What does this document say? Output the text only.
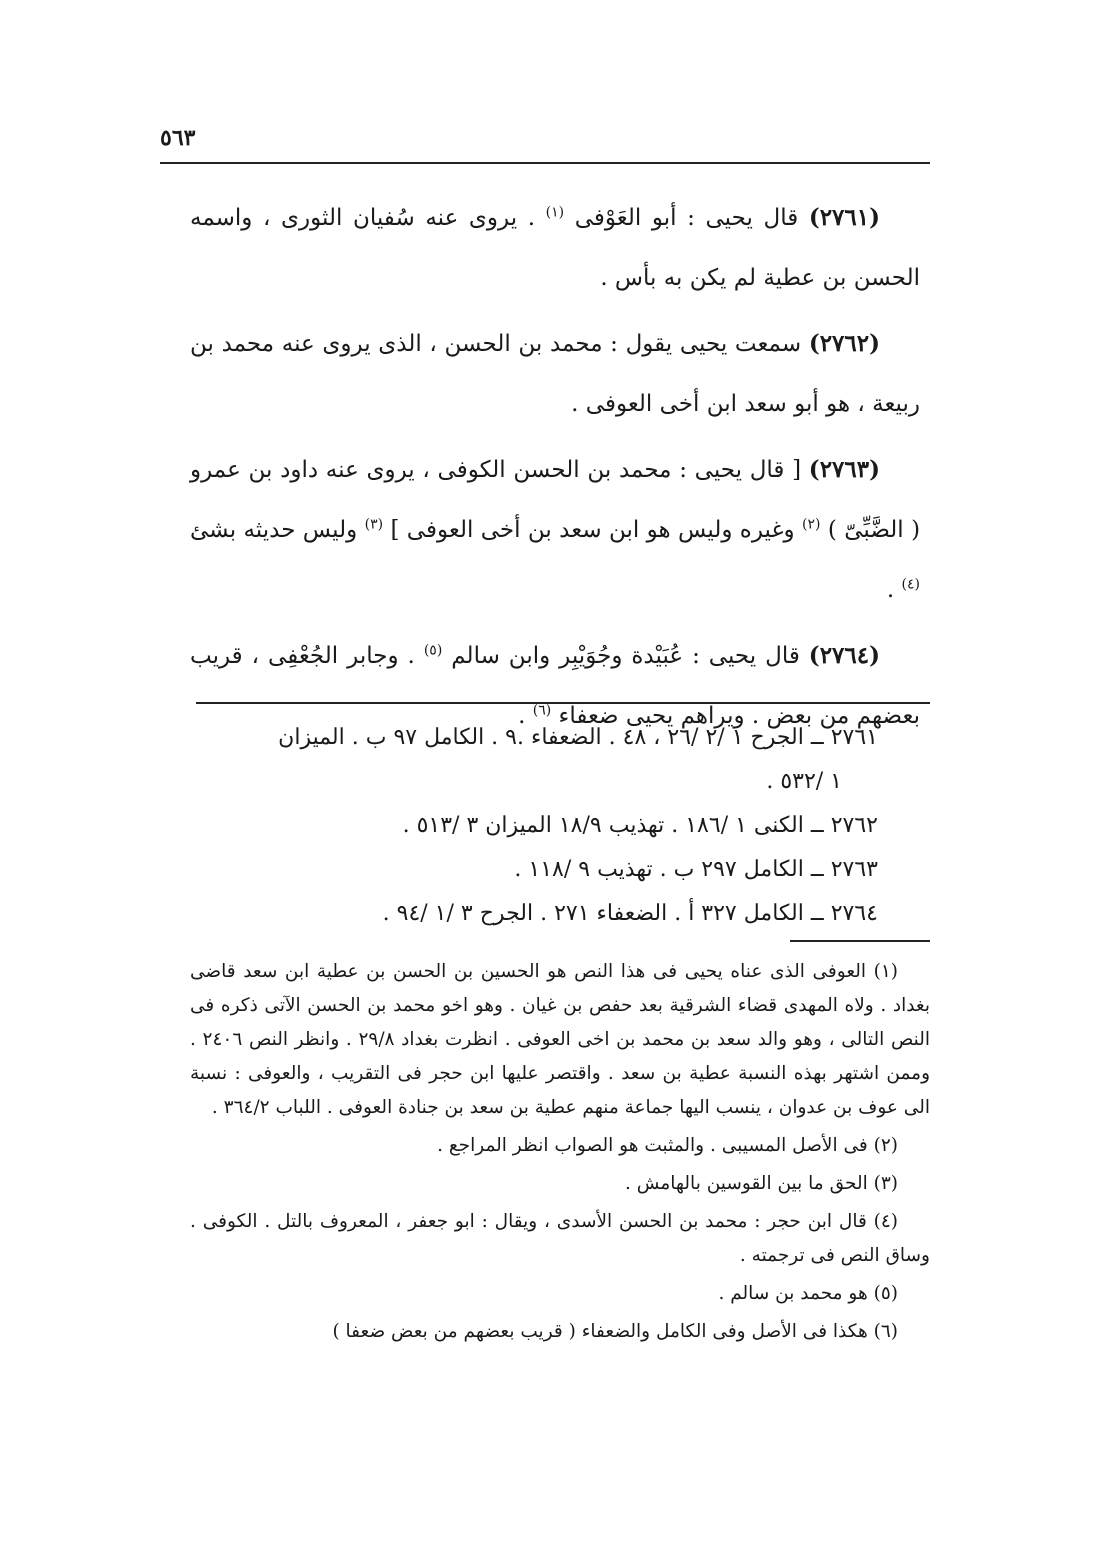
٥٦٣

(٢٧٦١) قال يحيى : أبو العَوْفى $^{(١)}$ . يروى عنه سُفيان الثورى ، واسمه الحسن بن عطية لم يكن به بأس .

(٢٧٦٢) سمعت يحيى يقول : محمد بن الحسن ، الذى يروى عنه محمد بن ربيعة ، هو أبو سعد ابن أخى العوفى .

(٢٧٦٣) [ قال يحيى : محمد بن الحسن الكوفى ، يروى عنه داود بن عمرو ( الضَّبِّىّ ) $^{(٢)}$ وغيره وليس هو ابن سعد بن أخى العوفى ] $^{(٣)}$ وليس حديثه بشئ $^{(٤)}$ .

(٢٧٦٤) قال يحيى : عُبَيْدة وجُوَيْبِر وابن سالم $^{(٥)}$ . وجابر الجُعْفِى ، قريب بعضهم من بعض . ويراهم يحيى ضعفاء $^{(٦)}$ .

٢٧٦١ ــ الجرح ١ /٢ /٢٦ ، ٤٨ . الضعفاء .٩ . الكامل ٩٧ ب . الميزان

١ /٥٣٢ .

٢٧٦٢ ــ الكنى ١ /١٨٦ . تهذيب ١٨/٩ الميزان ٣ /٥١٣ .

٢٧٦٣ ــ الكامل ٢٩٧ ب . تهذيب ٩ /١١٨ .

٢٧٦٤ ــ الكامل ٣٢٧ أ . الضعفاء ٢٧١ . الجرح ٣ /١ /٩٤ .

(١) العوفى الذى عناه يحيى فى هذا النص هو الحسين بن الحسن بن عطية ابن سعد قاضى بغداد . ولاه المهدى قضاء الشرقية بعد حفص بن غيان . وهو اخو محمد بن الحسن الآتى ذكره فى النص التالى ، وهو والد سعد بن محمد بن اخى العوفى . انظرت بغداد ٢٩/٨ . وانظر النص ٢٤٠٦ . وممن اشتهر بهذه النسبة عطية بن سعد . واقتصر عليها ابن حجر فى التقريب ، والعوفى : نسبة الى عوف بن عدوان ، ينسب اليها جماعة منهم عطية بن سعد بن جنادة العوفى . اللباب ٣٦٤/٢ .

(٢) فى الأصل المسيبى . والمثبت هو الصواب انظر المراجع .

(٣) الحق ما بين القوسين بالهامش .

(٤) قال ابن حجر : محمد بن الحسن الأسدى ، ويقال : ابو جعفر ، المعروف بالتل . الكوفى . وساق النص فى ترجمته .

(٥) هو محمد بن سالم .

(٦) هكذا فى الأصل وفى الكامل والضعفاء ( قريب بعضهم من بعض ضعفا )
